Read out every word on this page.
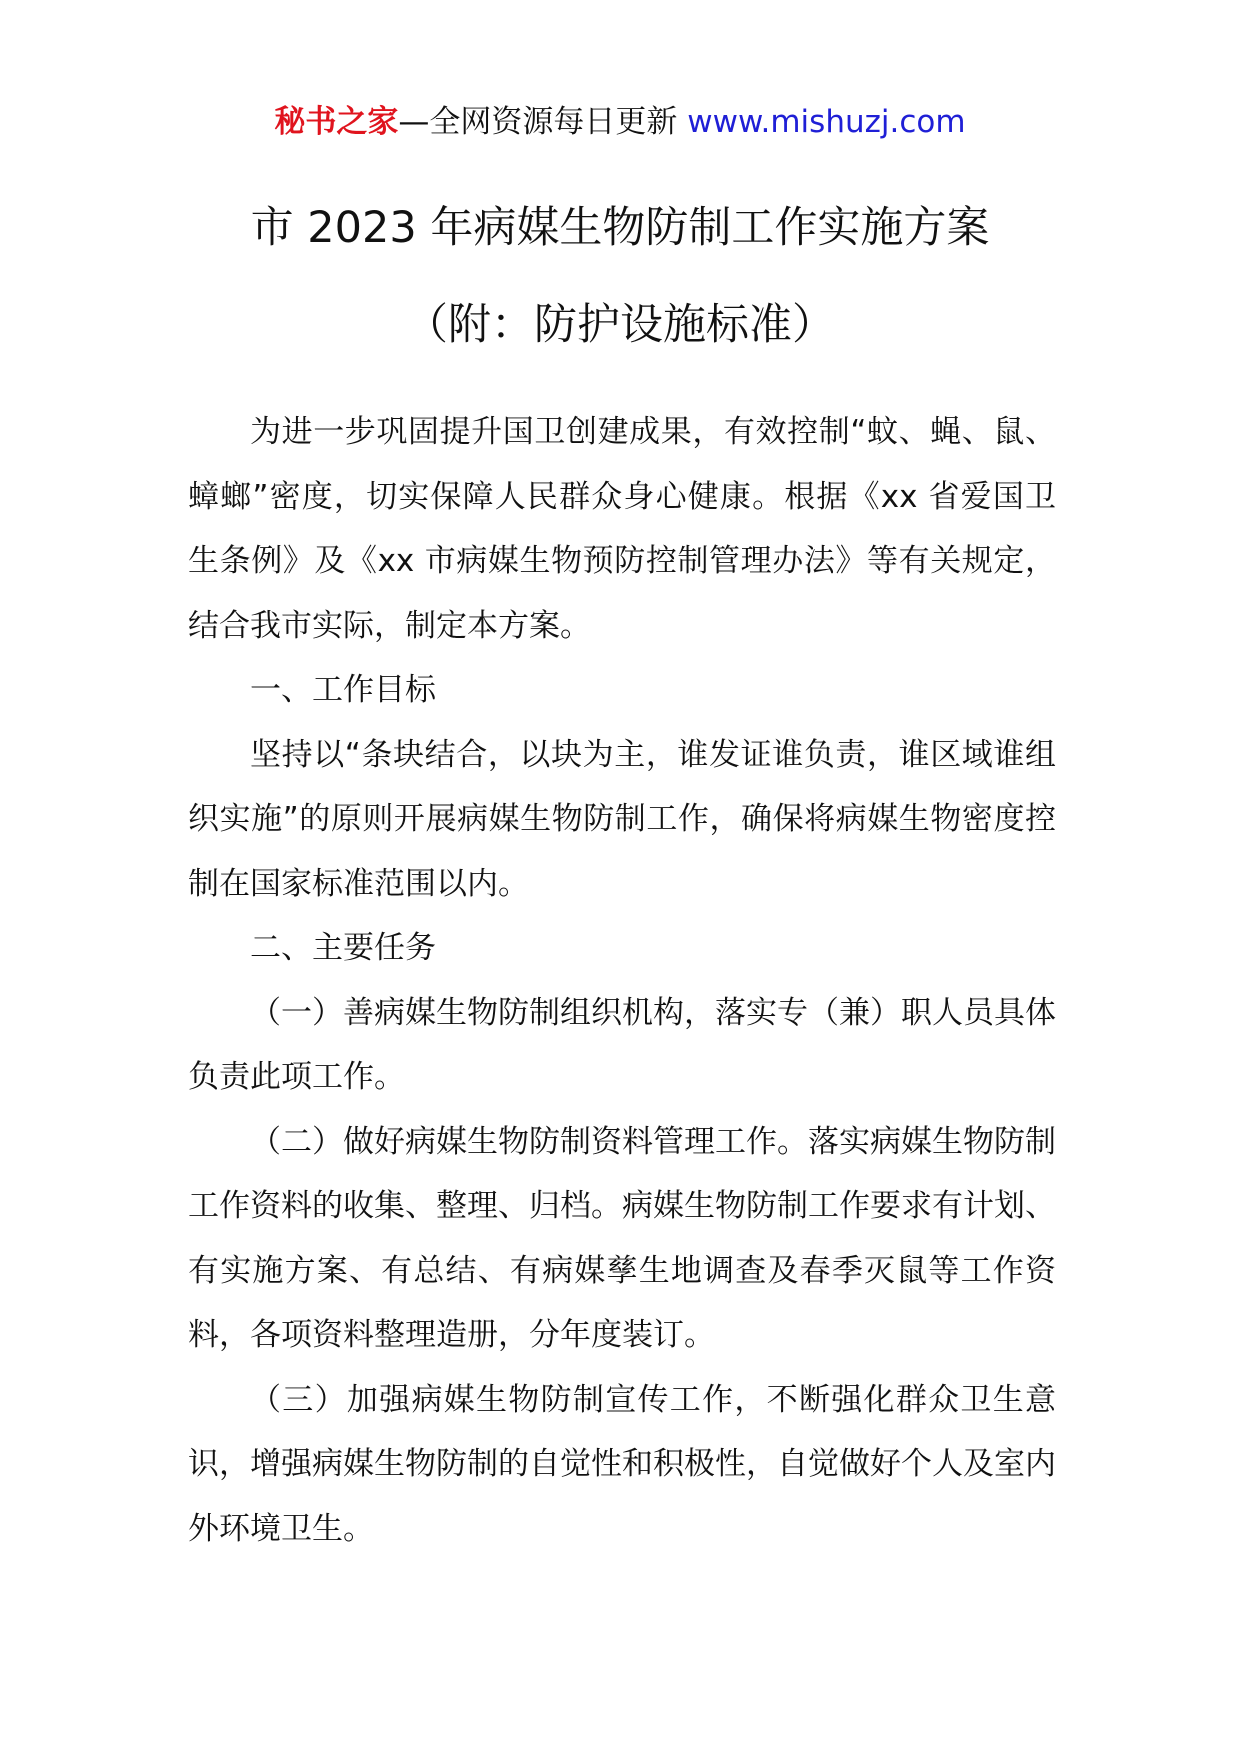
秘书之家—全网资源每日更新 www.mishuzj.com
市 2023 年病媒生物防制工作实施方案
（附：防护设施标准）

为进一步巩固提升国卫创建成果，有效控制“蚊、蝇、鼠、蟑螂”密度，切实保障人民群众身心健康。根据《xx 省爱国卫生条例》及《xx 市病媒生物预防控制管理办法》等有关规定，结合我市实际，制定本方案。

一、工作目标

坚持以“条块结合，以块为主，谁发证谁负责，谁区域谁组织实施”的原则开展病媒生物防制工作，确保将病媒生物密度控制在国家标准范围以内。

二、主要任务

（一）善病媒生物防制组织机构，落实专（兼）职人员具体负责此项工作。

（二）做好病媒生物防制资料管理工作。落实病媒生物防制工作资料的收集、整理、归档。病媒生物防制工作要求有计划、有实施方案、有总结、有病媒孳生地调查及春季灭鼠等工作资料，各项资料整理造册，分年度装订。

（三）加强病媒生物防制宣传工作，不断强化群众卫生意识，增强病媒生物防制的自觉性和积极性，自觉做好个人及室内外环境卫生。
